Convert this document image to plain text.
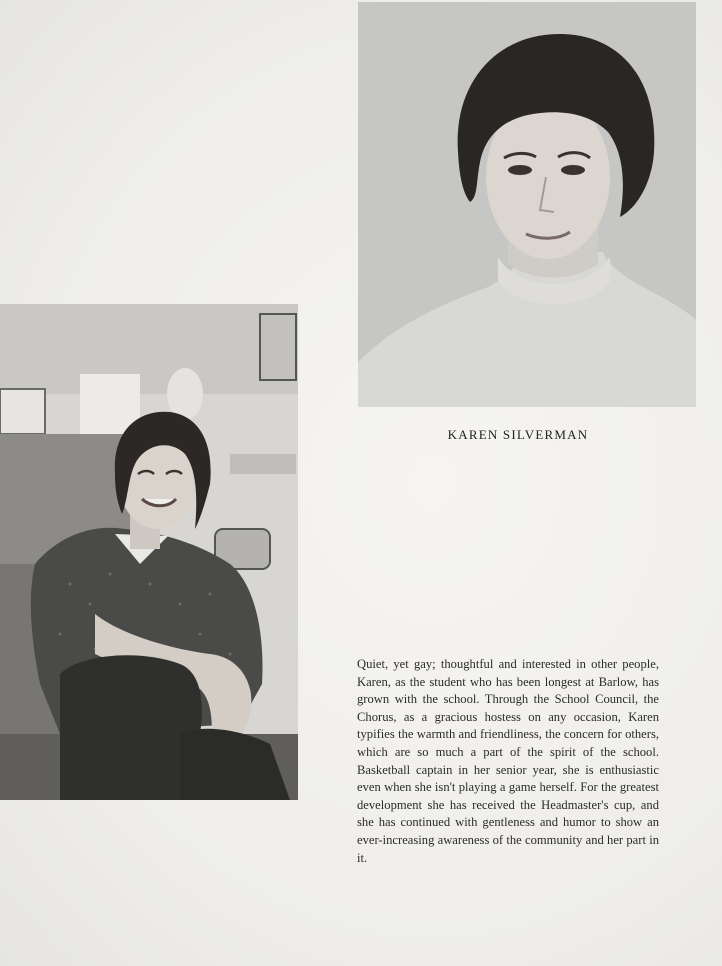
KAREN SILVERMAN
Quiet, yet gay; thoughtful and interested in other people, Karen, as the student who has been longest at Barlow, has grown with the school. Through the School Council, the Chorus, as a gracious hostess on any occasion, Karen typifies the warmth and friendliness, the concern for others, which are so much a part of the spirit of the school. Basketball captain in her senior year, she is enthusiastic even when she isn't playing a game herself. For the greatest development she has received the Headmaster's cup, and she has continued with gentleness and humor to show an ever-increasing awareness of the community and her part in it.
